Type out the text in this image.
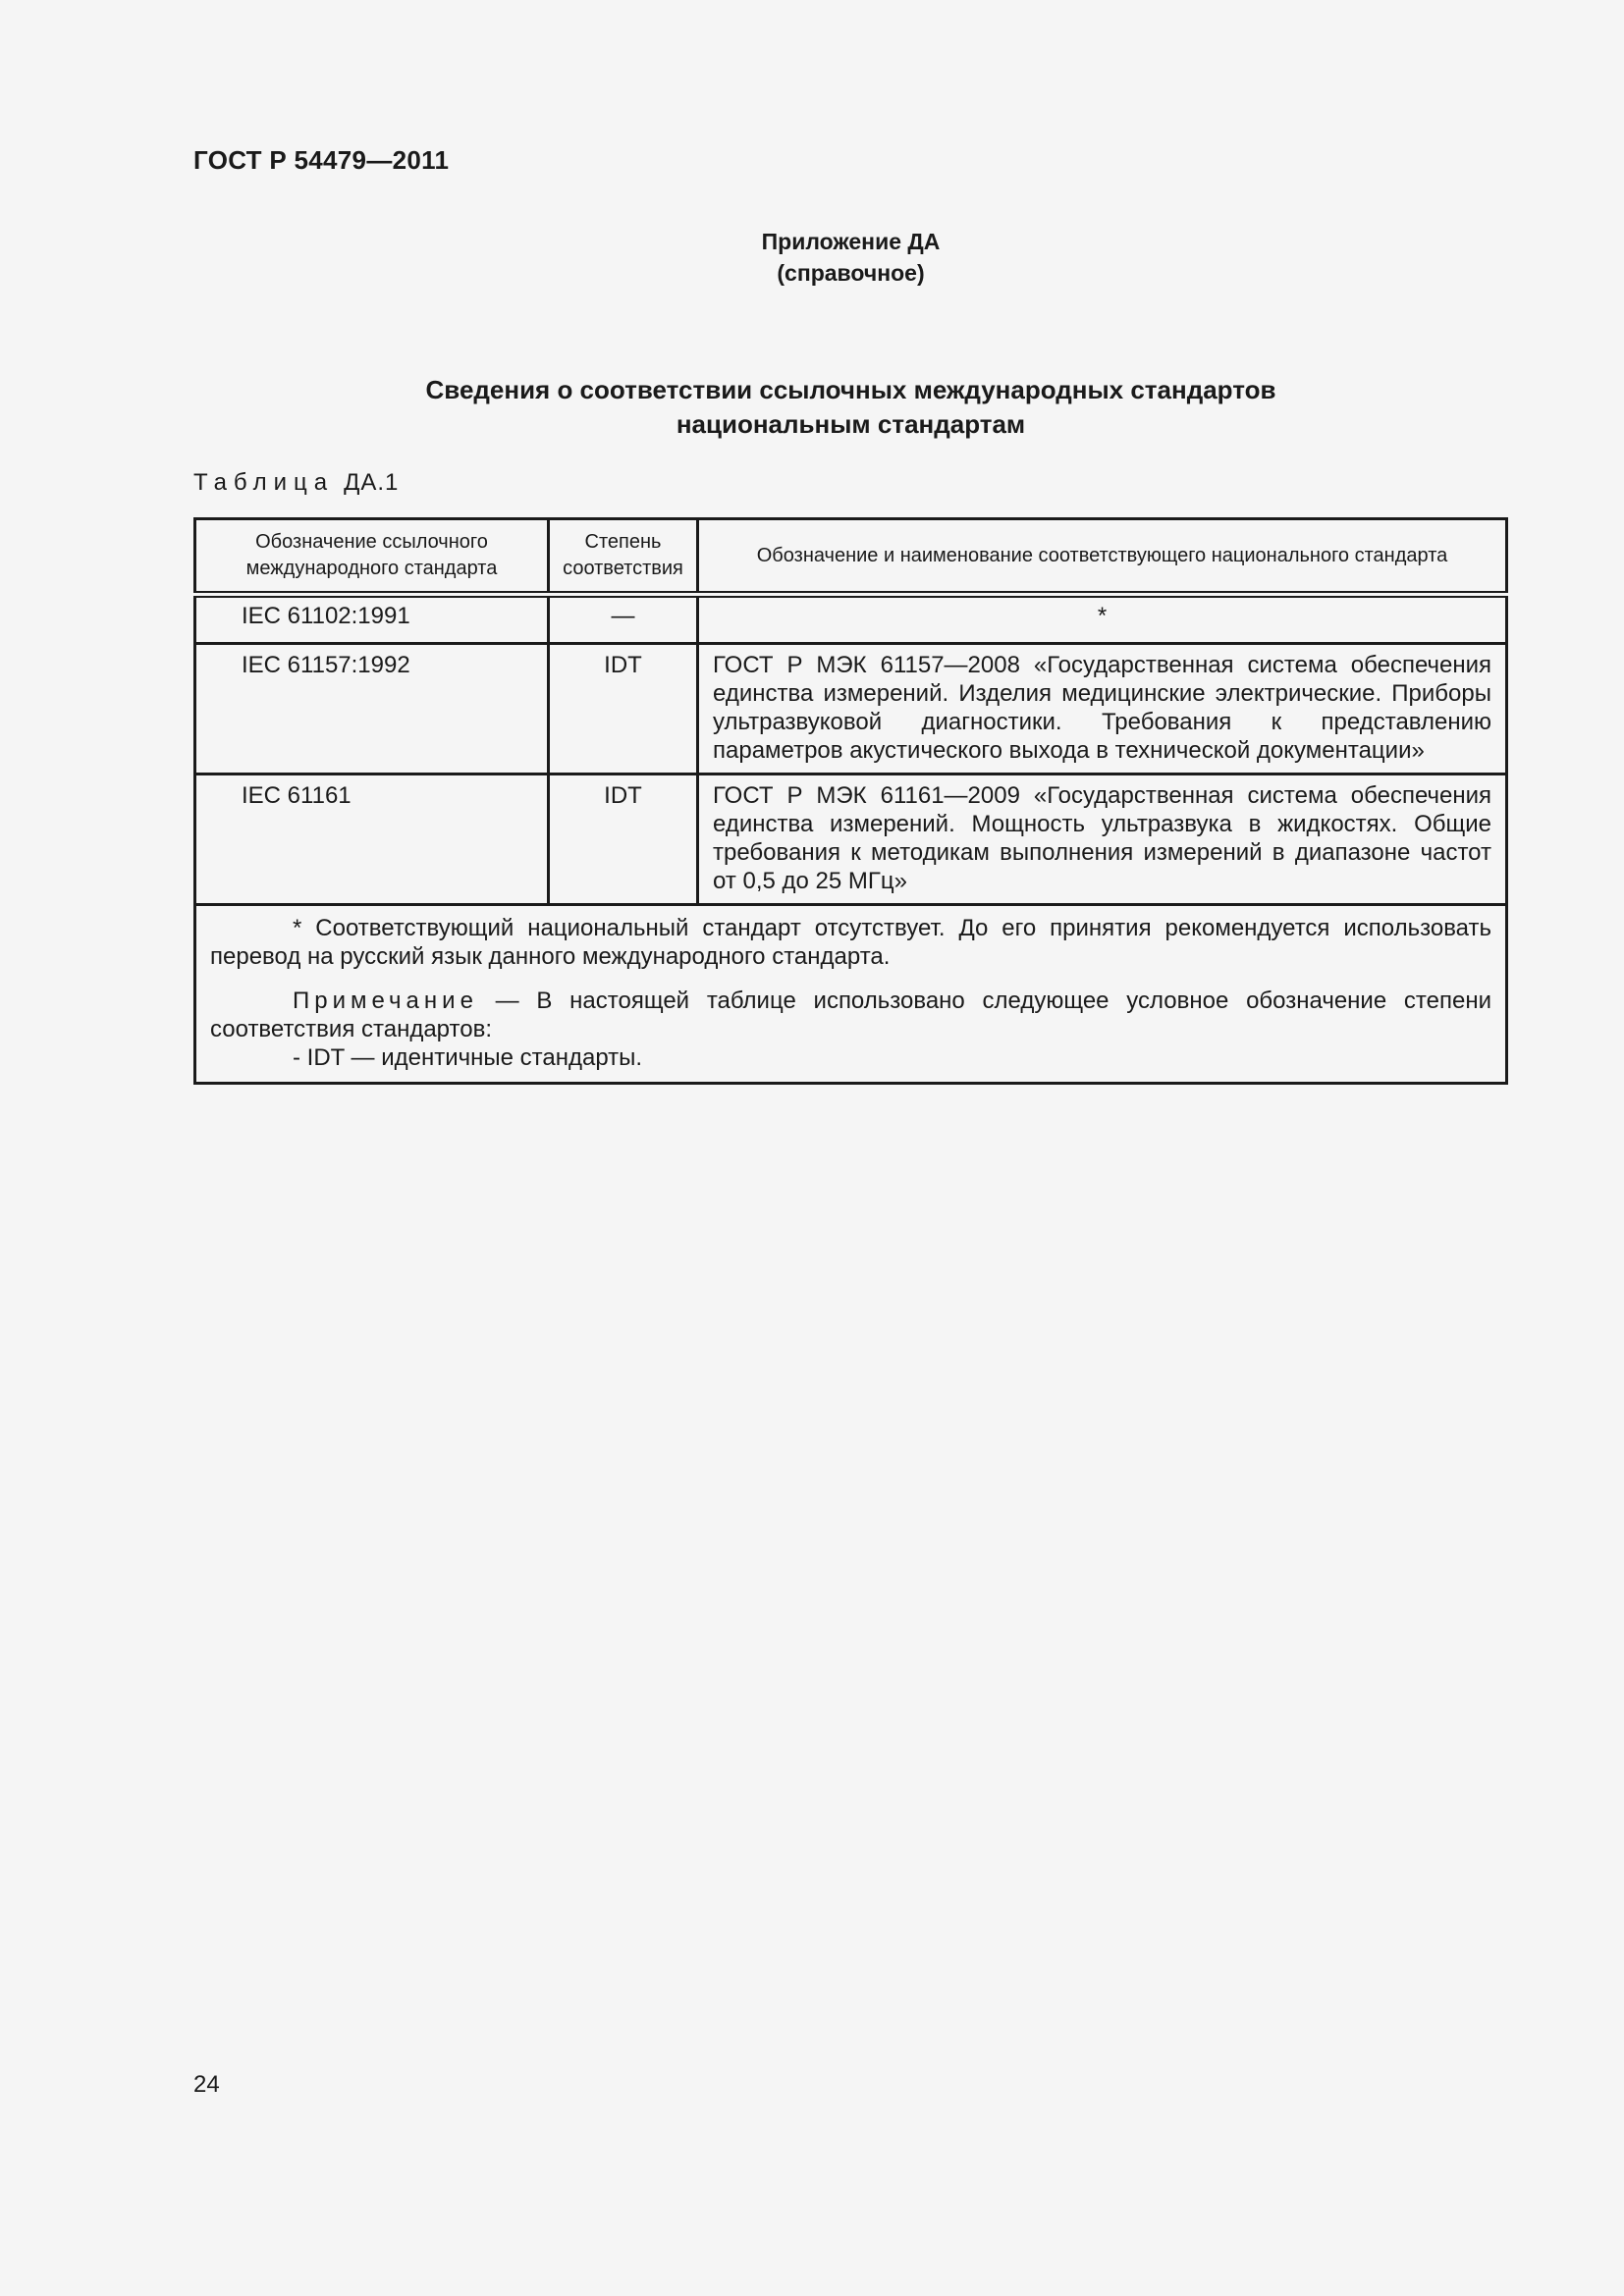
ГОСТ Р 54479—2011
Приложение ДА
(справочное)
Сведения о соответствии ссылочных международных стандартов
национальным стандартам
Таблица ДА.1
Обозначение ссылочного международного стандарта	Степень соответствия	Обозначение и наименование соответствующего национального стандарта
IEC 61102:1991	—	*
IEC 61157:1992	IDT	ГОСТ Р МЭК 61157—2008 «Государственная система обеспечения единства измерений. Изделия медицинские электрические. Приборы ультразвуковой диагностики. Требования к представлению параметров акустического выхода в технической документации»
IEC 61161	IDT	ГОСТ Р МЭК 61161—2009 «Государственная система обеспечения единства измерений. Мощность ультразвука в жидкостях. Общие требования к методикам выполнения измерений в диапазоне частот от 0,5 до 25 МГц»

* Соответствующий национальный стандарт отсутствует. До его принятия рекомендуется использовать перевод на русский язык данного международного стандарта.

Примечание — В настоящей таблице использовано следующее условное обозначение степени соответствия стандартов:

- IDT — идентичные стандарты.		
24
